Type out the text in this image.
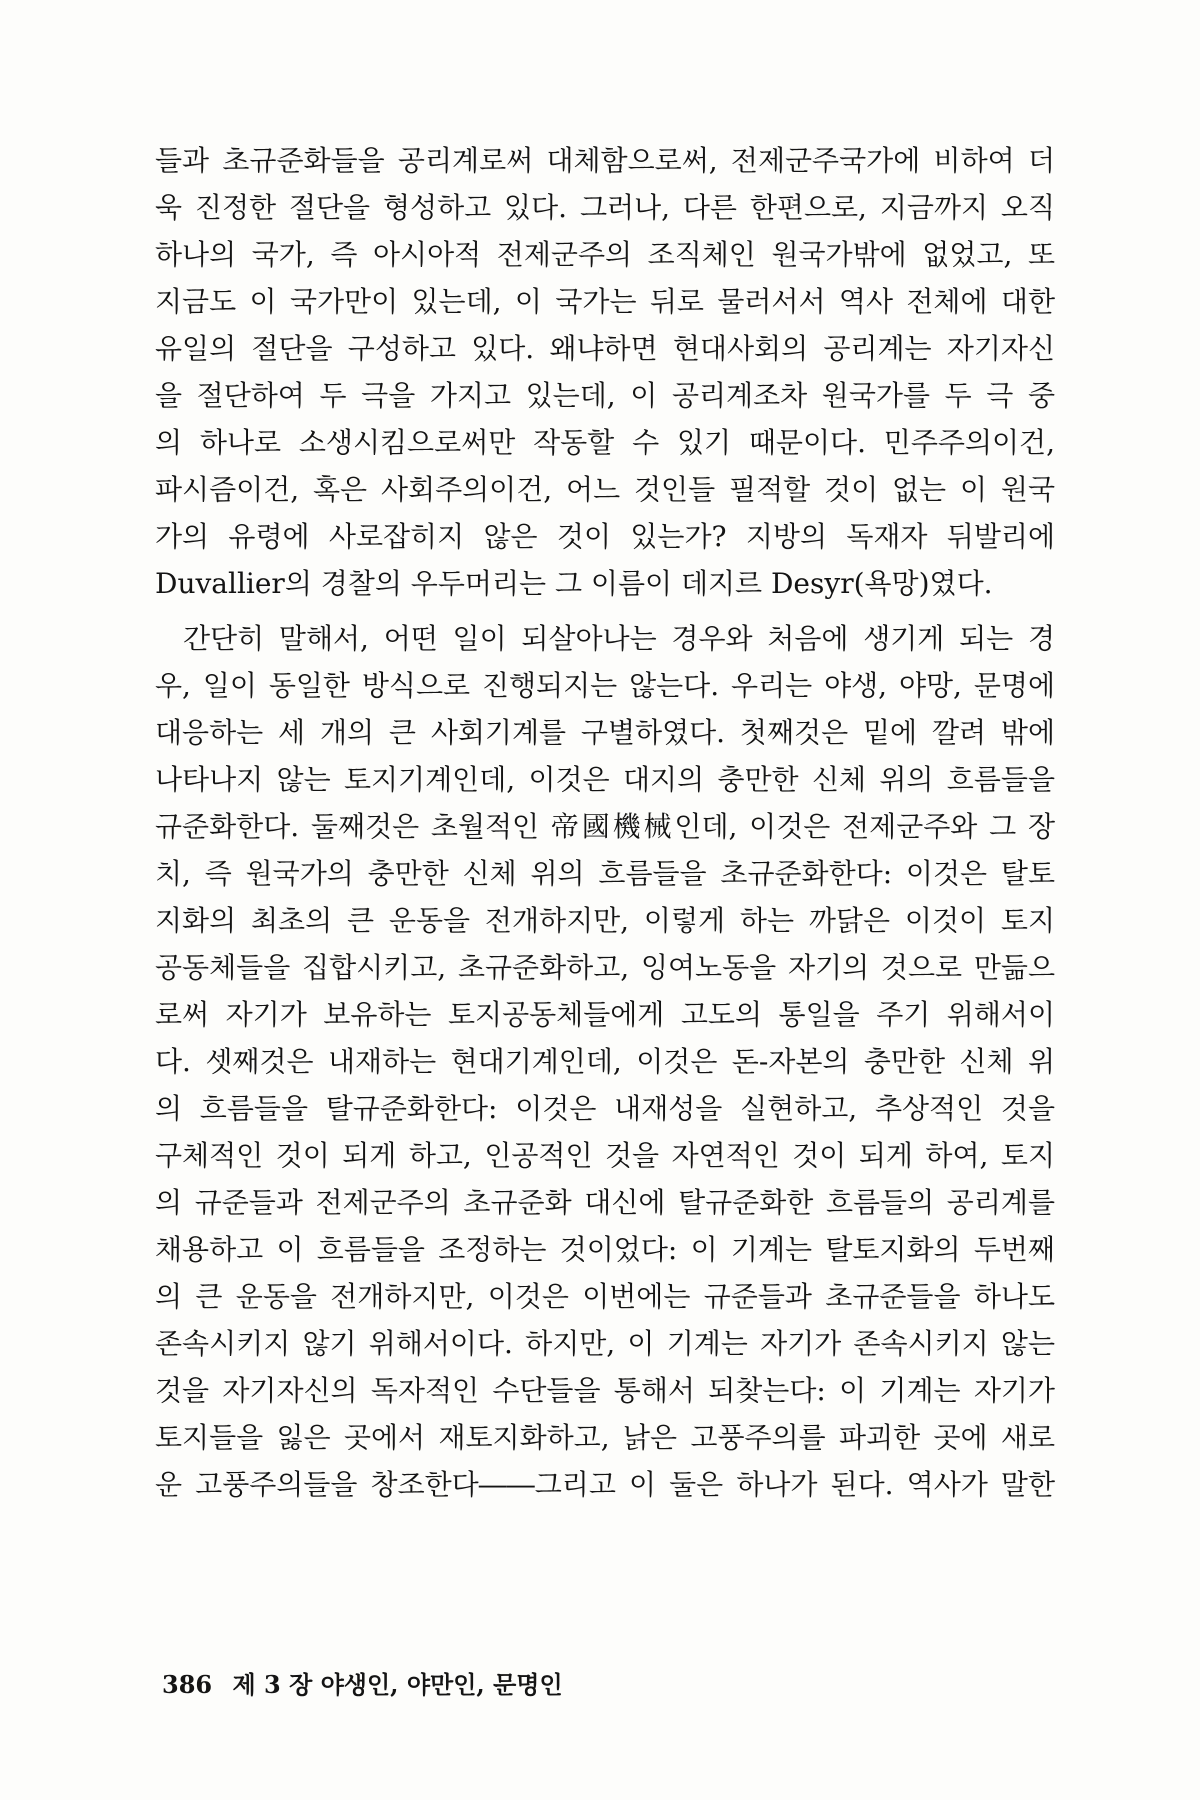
들과 초규준화들을 공리계로써 대체함으로써, 전제군주국가에 비하여 더
욱 진정한 절단을 형성하고 있다. 그러나, 다른 한편으로, 지금까지 오직
하나의 국가, 즉 아시아적 전제군주의 조직체인 원국가밖에 없었고, 또
지금도 이 국가만이 있는데, 이 국가는 뒤로 물러서서 역사 전체에 대한
유일의 절단을 구성하고 있다. 왜냐하면 현대사회의 공리계는 자기자신
을 절단하여 두 극을 가지고 있는데, 이 공리계조차 원국가를 두 극 중
의 하나로 소생시킴으로써만 작동할 수 있기 때문이다. 민주주의이건,
파시즘이건, 혹은 사회주의이건, 어느 것인들 필적할 것이 없는 이 원국
가의 유령에 사로잡히지 않은 것이 있는가? 지방의 독재자 뒤발리에
Duvallier의 경찰의 우두머리는 그 이름이 데지르 Desyr(욕망)였다.
간단히 말해서, 어떤 일이 되살아나는 경우와 처음에 생기게 되는 경
우, 일이 동일한 방식으로 진행되지는 않는다. 우리는 야생, 야망, 문명에
대응하는 세 개의 큰 사회기계를 구별하였다. 첫째것은 밑에 깔려 밖에
나타나지 않는 토지기계인데, 이것은 대지의 충만한 신체 위의 흐름들을
규준화한다. 둘째것은 초월적인 帝國機械인데, 이것은 전제군주와 그 장
치, 즉 원국가의 충만한 신체 위의 흐름들을 초규준화한다: 이것은 탈토
지화의 최초의 큰 운동을 전개하지만, 이렇게 하는 까닭은 이것이 토지
공동체들을 집합시키고, 초규준화하고, 잉여노동을 자기의 것으로 만듦으
로써 자기가 보유하는 토지공동체들에게 고도의 통일을 주기 위해서이
다. 셋째것은 내재하는 현대기계인데, 이것은 돈-자본의 충만한 신체 위
의 흐름들을 탈규준화한다: 이것은 내재성을 실현하고, 추상적인 것을
구체적인 것이 되게 하고, 인공적인 것을 자연적인 것이 되게 하여, 토지
의 규준들과 전제군주의 초규준화 대신에 탈규준화한 흐름들의 공리계를
채용하고 이 흐름들을 조정하는 것이었다: 이 기계는 탈토지화의 두번째
의 큰 운동을 전개하지만, 이것은 이번에는 규준들과 초규준들을 하나도
존속시키지 않기 위해서이다. 하지만, 이 기계는 자기가 존속시키지 않는
것을 자기자신의 독자적인 수단들을 통해서 되찾는다: 이 기계는 자기가
토지들을 잃은 곳에서 재토지화하고, 낡은 고풍주의를 파괴한 곳에 새로
운 고풍주의들을 창조한다――그리고 이 둘은 하나가 된다. 역사가 말한
386 제 3 장 야생인, 야만인, 문명인
